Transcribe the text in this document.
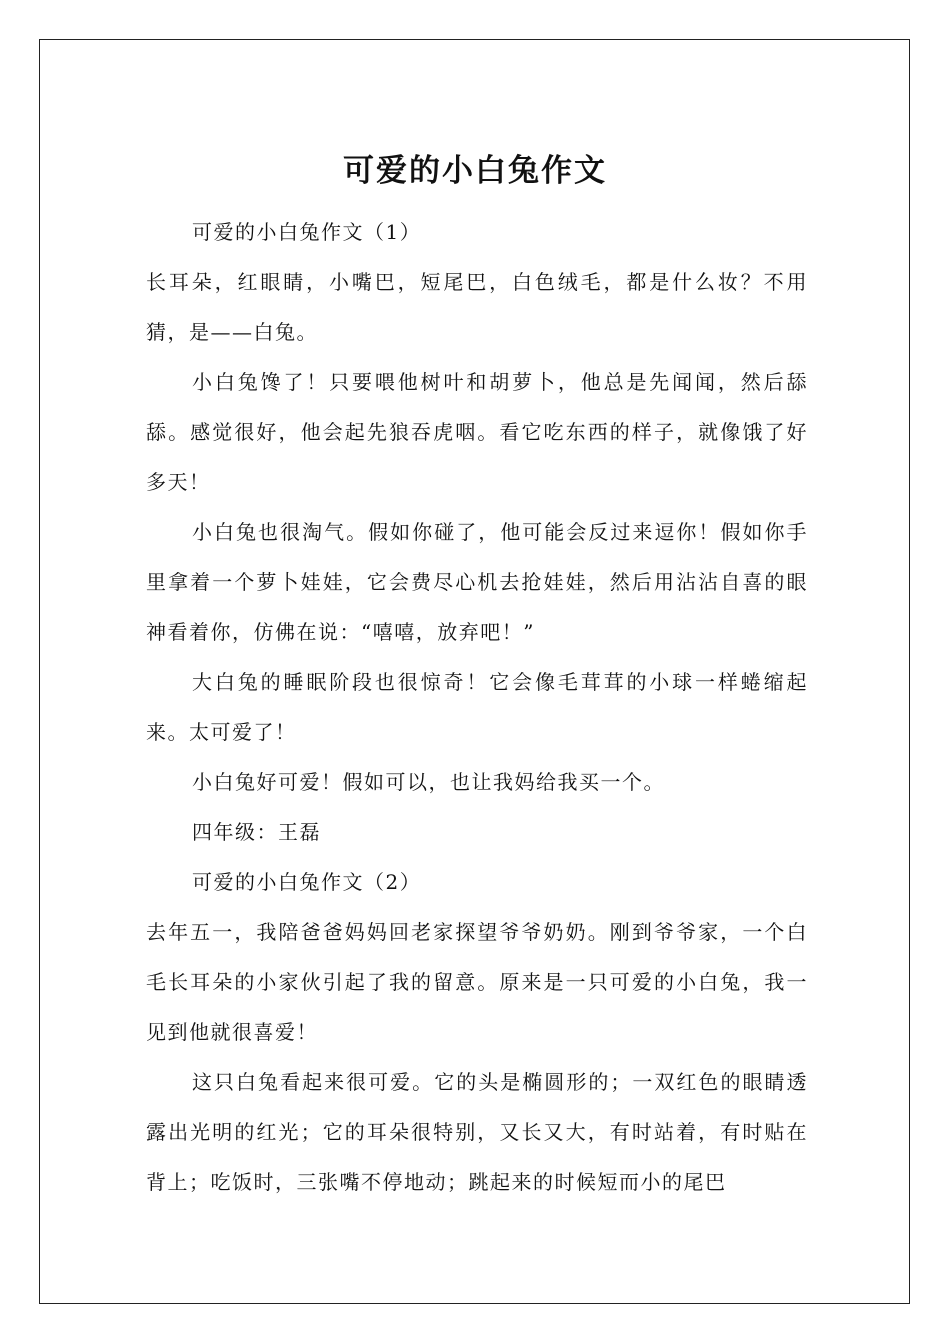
可爱的小白兔作文

可爱的小白兔作文（1）

长耳朵，红眼睛，小嘴巴，短尾巴，白色绒毛，都是什么妆？不用猜，是——白兔。

小白兔馋了！只要喂他树叶和胡萝卜，他总是先闻闻，然后舔舔。感觉很好，他会起先狼吞虎咽。看它吃东西的样子，就像饿了好多天！

小白兔也很淘气。假如你碰了，他可能会反过来逗你！假如你手里拿着一个萝卜娃娃，它会费尽心机去抢娃娃，然后用沾沾自喜的眼神看着你，仿佛在说：“嘻嘻，放弃吧！”

大白兔的睡眠阶段也很惊奇！它会像毛茸茸的小球一样蜷缩起来。太可爱了！

小白兔好可爱！假如可以，也让我妈给我买一个。

四年级：王磊

可爱的小白兔作文（2）

去年五一，我陪爸爸妈妈回老家探望爷爷奶奶。刚到爷爷家，一个白毛长耳朵的小家伙引起了我的留意。原来是一只可爱的小白兔，我一见到他就很喜爱！

这只白兔看起来很可爱。它的头是椭圆形的；一双红色的眼睛透露出光明的红光；它的耳朵很特别，又长又大，有时站着，有时贴在背上；吃饭时，三张嘴不停地动；跳起来的时候短而小的尾巴
